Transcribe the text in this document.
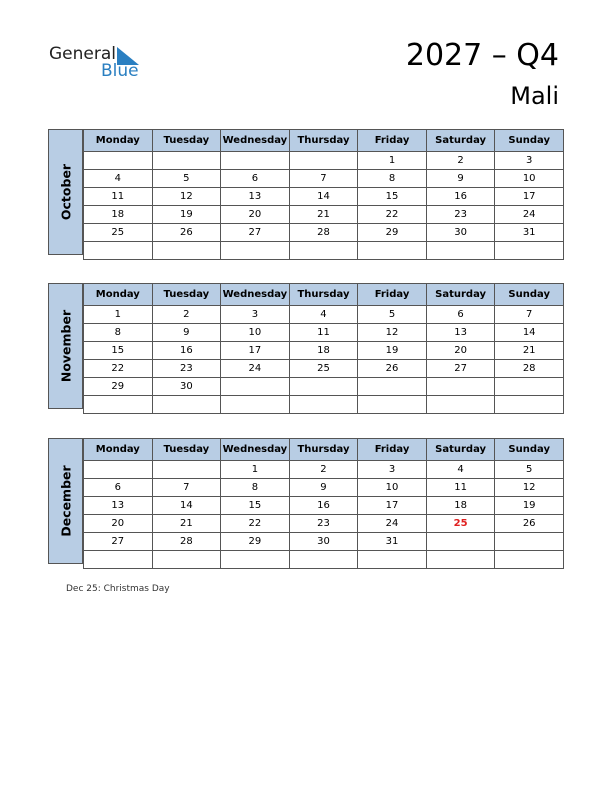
General
Blue	2027 – Q4
Mali
October
Monday	Tuesday	Wednesday	Thursday	Friday	Saturday	Sunday
				1	2	3
4	5	6	7	8	9	10
11	12	13	14	15	16	17
18	19	20	21	22	23	24
25	26	27	28	29	30	31

November
Monday	Tuesday	Wednesday	Thursday	Friday	Saturday	Sunday
1	2	3	4	5	6	7
8	9	10	11	12	13	14
15	16	17	18	19	20	21
22	23	24	25	26	27	28
29	30					

December
Monday	Tuesday	Wednesday	Thursday	Friday	Saturday	Sunday
		1	2	3	4	5
6	7	8	9	10	11	12
13	14	15	16	17	18	19
20	21	22	23	24	25	26
27	28	29	30	31		

Dec 25: Christmas Day
